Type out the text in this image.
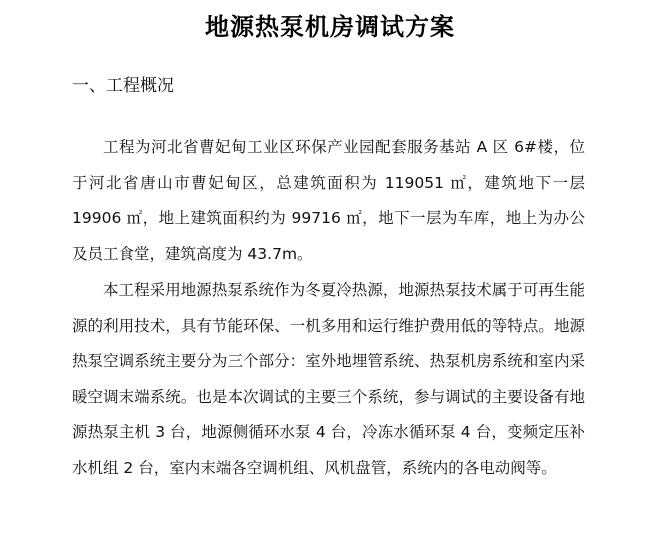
地源热泵机房调试方案
一、工程概况

工程为河北省曹妃甸工业区环保产业园配套服务基站 A 区 6#楼，位于河北省唐山市曹妃甸区，总建筑面积为 119051 ㎡，建筑地下一层 19906 ㎡，地上建筑面积约为 99716 ㎡，地下一层为车库，地上为办公及员工食堂，建筑高度为 43.7m。

本工程采用地源热泵系统作为冬夏冷热源，地源热泵技术属于可再生能源的利用技术，具有节能环保、一机多用和运行维护费用低的等特点。地源热泵空调系统主要分为三个部分：室外地埋管系统、热泵机房系统和室内采暖空调末端系统。也是本次调试的主要三个系统，参与调试的主要设备有地源热泵主机 3 台，地源侧循环水泵 4 台，冷冻水循环泵 4 台，变频定压补水机组 2 台，室内末端各空调机组、风机盘管，系统内的各电动阀等。
